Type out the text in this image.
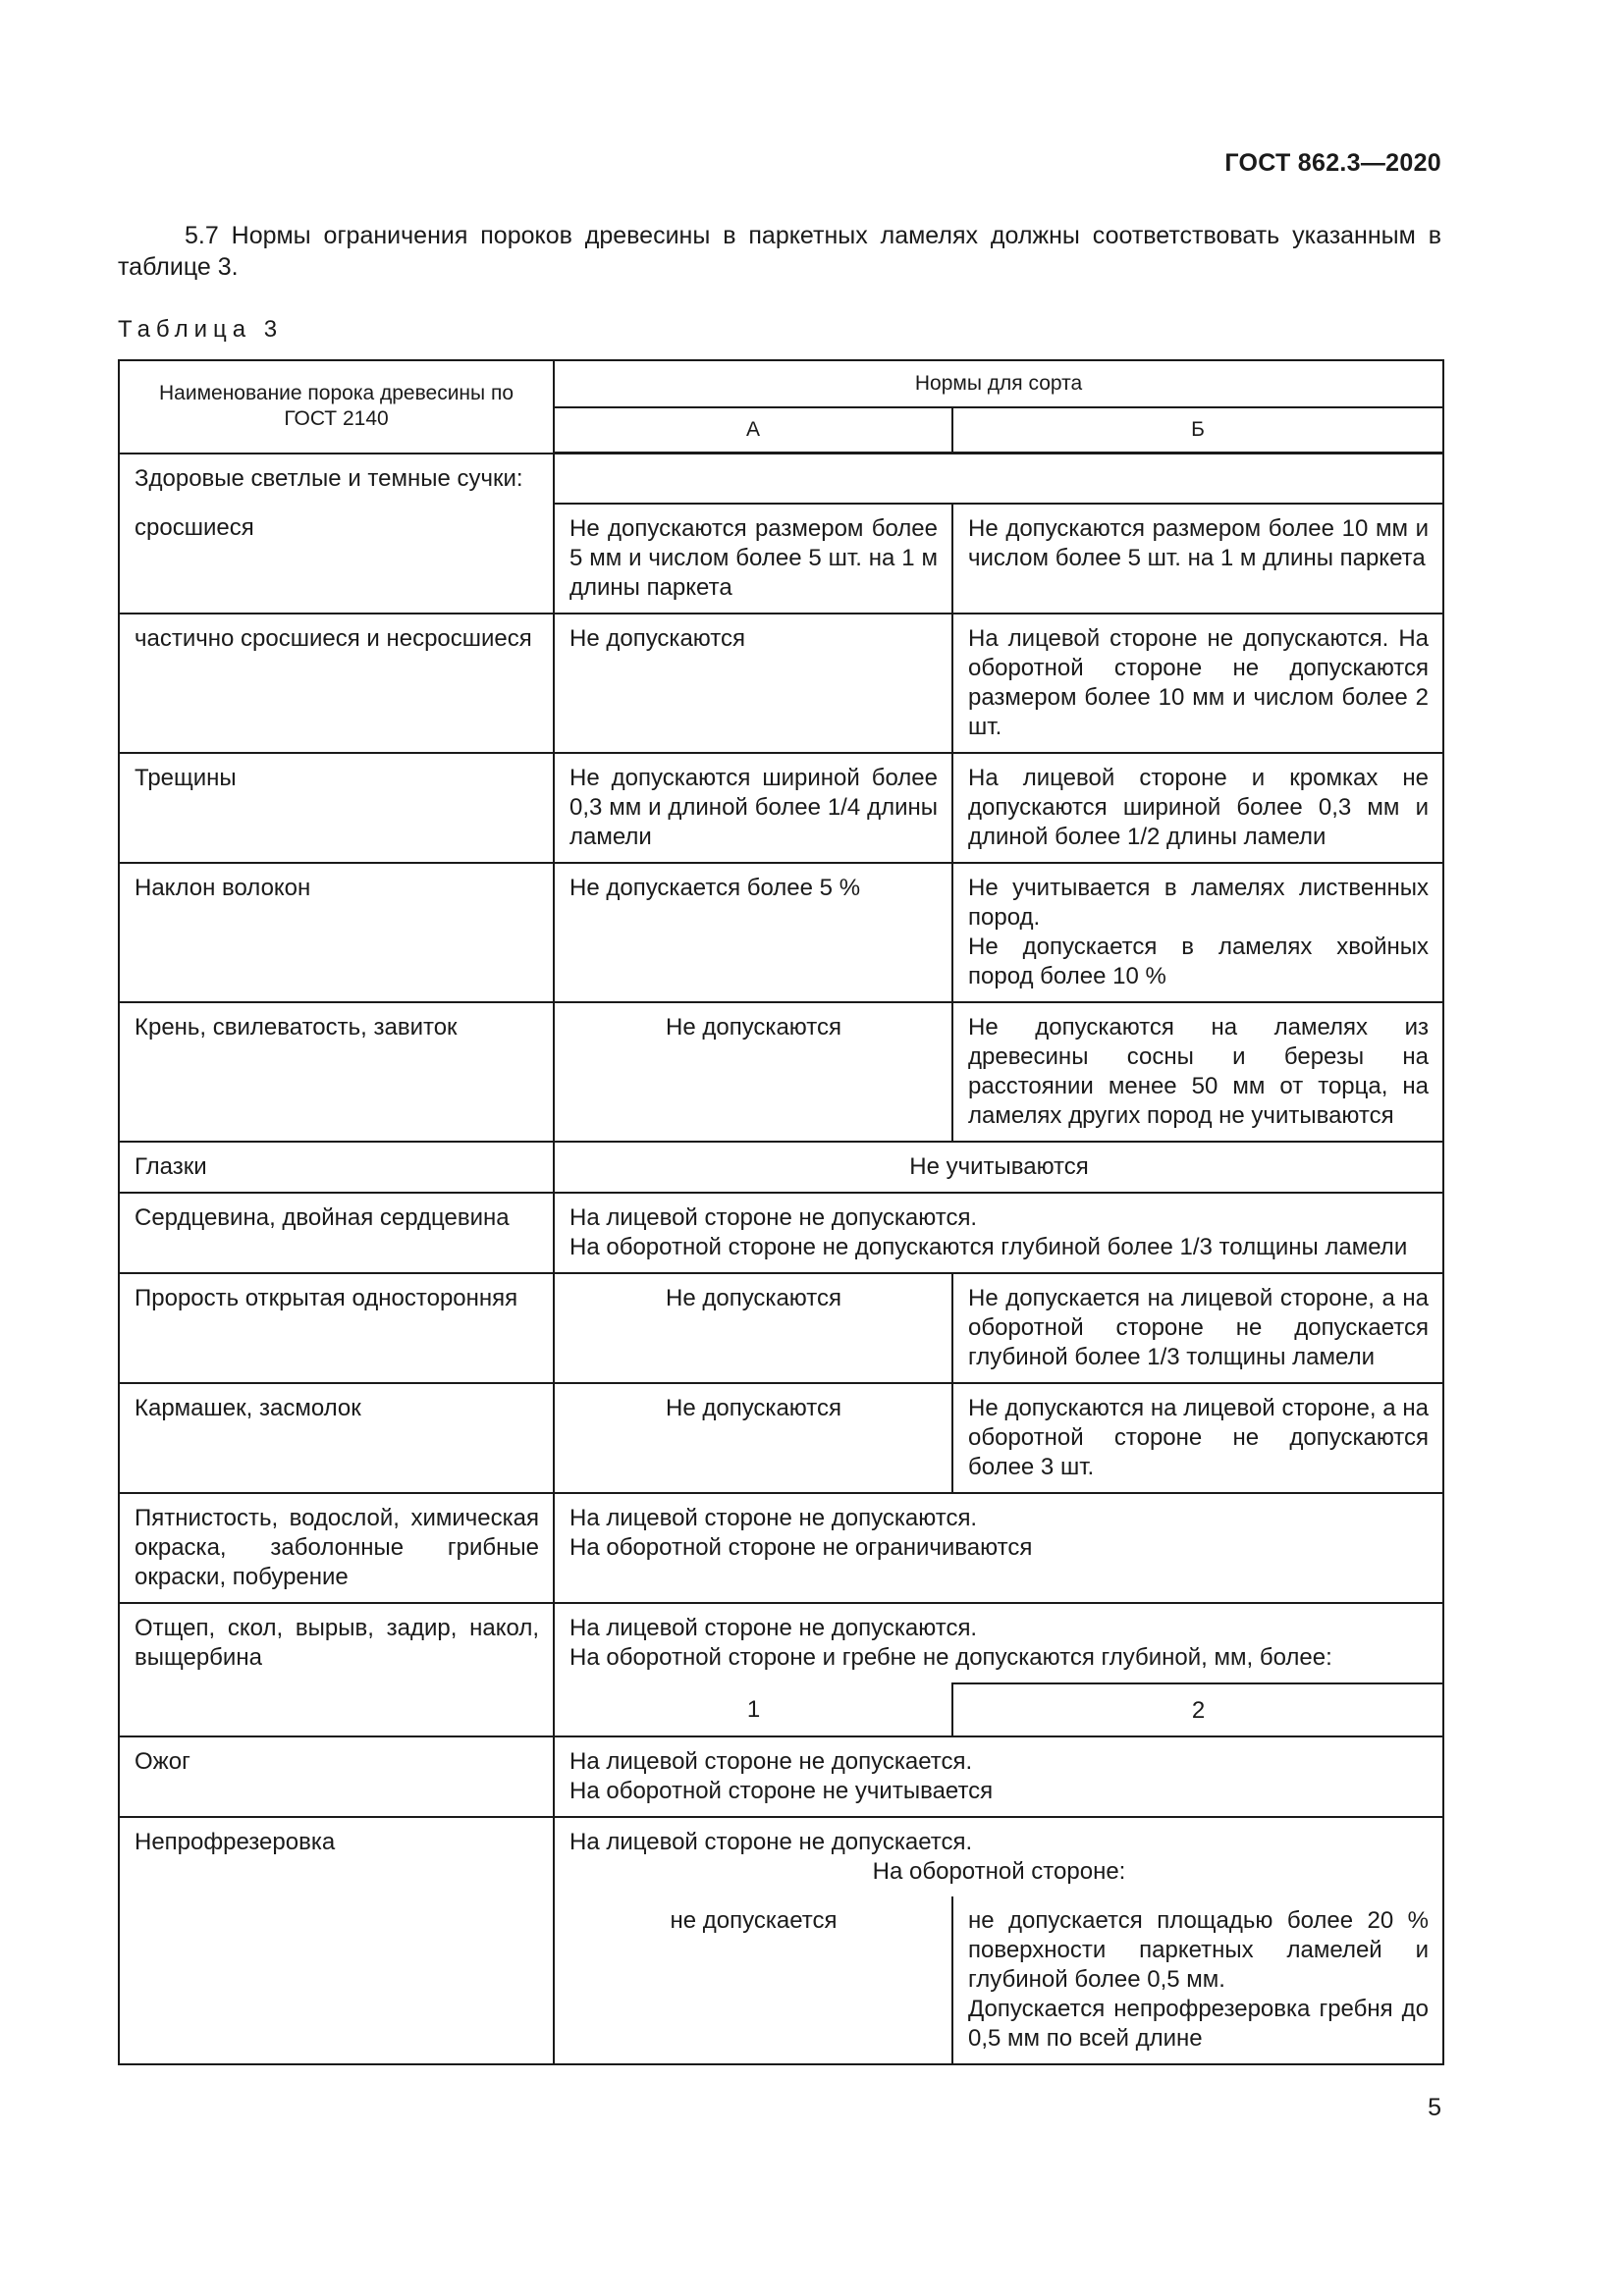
ГОСТ 862.3—2020
5.7 Нормы ограничения пороков древесины в паркетных ламелях должны соответствовать указанным в таблице 3.
Таблица 3
Наименование порока древесины по ГОСТ 2140	Нормы для сорта	
	А	Б
Здоровые светлые и темные сучки:		
сросшиеся	Не допускаются размером более 5 мм и числом более 5 шт. на 1 м длины паркета	Не допускаются размером более 10 мм и числом более 5 шт. на 1 м длины паркета
частично сросшиеся и несросшиеся	Не допускаются	На лицевой стороне не допускаются. На оборотной стороне не допускаются размером более 10 мм и числом более 2 шт.
Трещины	Не допускаются шириной более 0,3 мм и длиной более 1/4 длины ламели	На лицевой стороне и кромках не допускаются шириной более 0,3 мм и длиной более 1/2 длины ламели
Наклон волокон	Не допускается более 5 %	Не учитывается в ламелях лиственных пород.
Не допускается в ламелях хвойных пород более 10 %

Крень, свилеватость, завиток	Не допускаются	Не допускаются на ламелях из древесины сосны и березы на расстоянии менее 50 мм от торца, на ламелях других пород не учитываются
Глазки	Не учитываются	
Сердцевина, двойная сердцевина	На лицевой стороне не допускаются.
На оборотной стороне не допускаются глубиной более 1/3 толщины ламели	

Прорость открытая односторонняя	Не допускаются	Не допускается на лицевой стороне, а на оборотной стороне не допускается глубиной более 1/3 толщины ламели
Кармашек, засмолок	Не допускаются	Не допускаются на лицевой стороне, а на оборотной стороне не допускаются более 3 шт.
Пятнистость, водослой, химическая окраска, заболонные грибные окраски, побурение	На лицевой стороне не допускаются.
На оборотной стороне не ограничиваются	

Отщеп, скол, вырыв, задир, накол, выщербина	На лицевой стороне не допускаются.
На оборотной стороне и гребне не допускаются глубиной, мм, более:	

	1	2
Ожог	На лицевой стороне не допускается.
На оборотной стороне не учитывается	

Непрофрезеровка	На лицевой стороне не допускается.
На оборотной стороне:	

	не допускается	не допускается площадью более 20 % поверхности паркетных ламелей и глубиной более 0,5 мм.
Допускается непрофрезеровка гребня до 0,5 мм по всей длине
5
